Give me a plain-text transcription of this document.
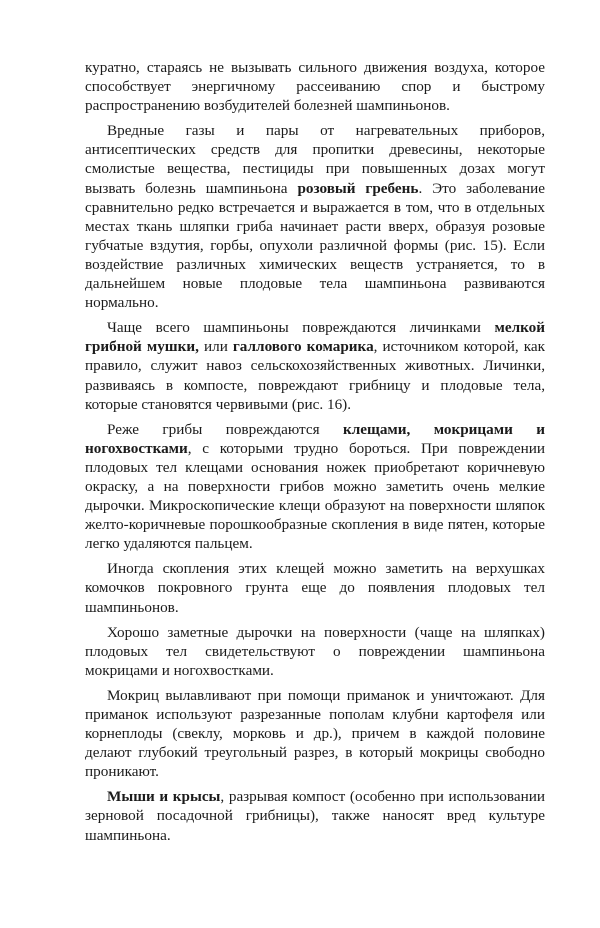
куратно, стараясь не вызывать сильного движения воздуха, которое способствует энергичному рассеиванию спор и быстрому распространению возбудителей болезней шампиньонов.

Вредные газы и пары от нагревательных приборов, антисептических средств для пропитки древесины, некоторые смолистые вещества, пестициды при повышенных дозах могут вызвать болезнь шампиньона розовый гребень. Это заболевание сравнительно редко встречается и выражается в том, что в отдельных местах ткань шляпки гриба начинает расти вверх, образуя розовые губчатые вздутия, горбы, опухоли различной формы (рис. 15). Если воздействие различных химических веществ устраняется, то в дальнейшем новые плодовые тела шампиньона развиваются нормально.

Чаще всего шампиньоны повреждаются личинками мелкой грибной мушки, или галлового комарика, источником которой, как правило, служит навоз сельскохозяйственных животных. Личинки, развиваясь в компосте, повреждают грибницу и плодовые тела, которые становятся червивыми (рис. 16).

Реже грибы повреждаются клещами, мокрицами и ногохвостками, с которыми трудно бороться. При повреждении плодовых тел клещами основания ножек приобретают коричневую окраску, а на поверхности грибов можно заметить очень мелкие дырочки. Микроскопические клещи образуют на поверхности шляпок желто-коричневые порошкообразные скопления в виде пятен, которые легко удаляются пальцем.

Иногда скопления этих клещей можно заметить на верхушках комочков покровного грунта еще до появления плодовых тел шампиньонов.

Хорошо заметные дырочки на поверхности (чаще на шляпках) плодовых тел свидетельствуют о повреждении шампиньона мокрицами и ногохвостками.

Мокриц вылавливают при помощи приманок и уничтожают. Для приманок используют разрезанные пополам клубни картофеля или корнеплоды (свеклу, морковь и др.), причем в каждой половине делают глубокий треугольный разрез, в который мокрицы свободно проникают.

Мыши и крысы, разрывая компост (особенно при использовании зерновой посадочной грибницы), также наносят вред культуре шампиньона.
